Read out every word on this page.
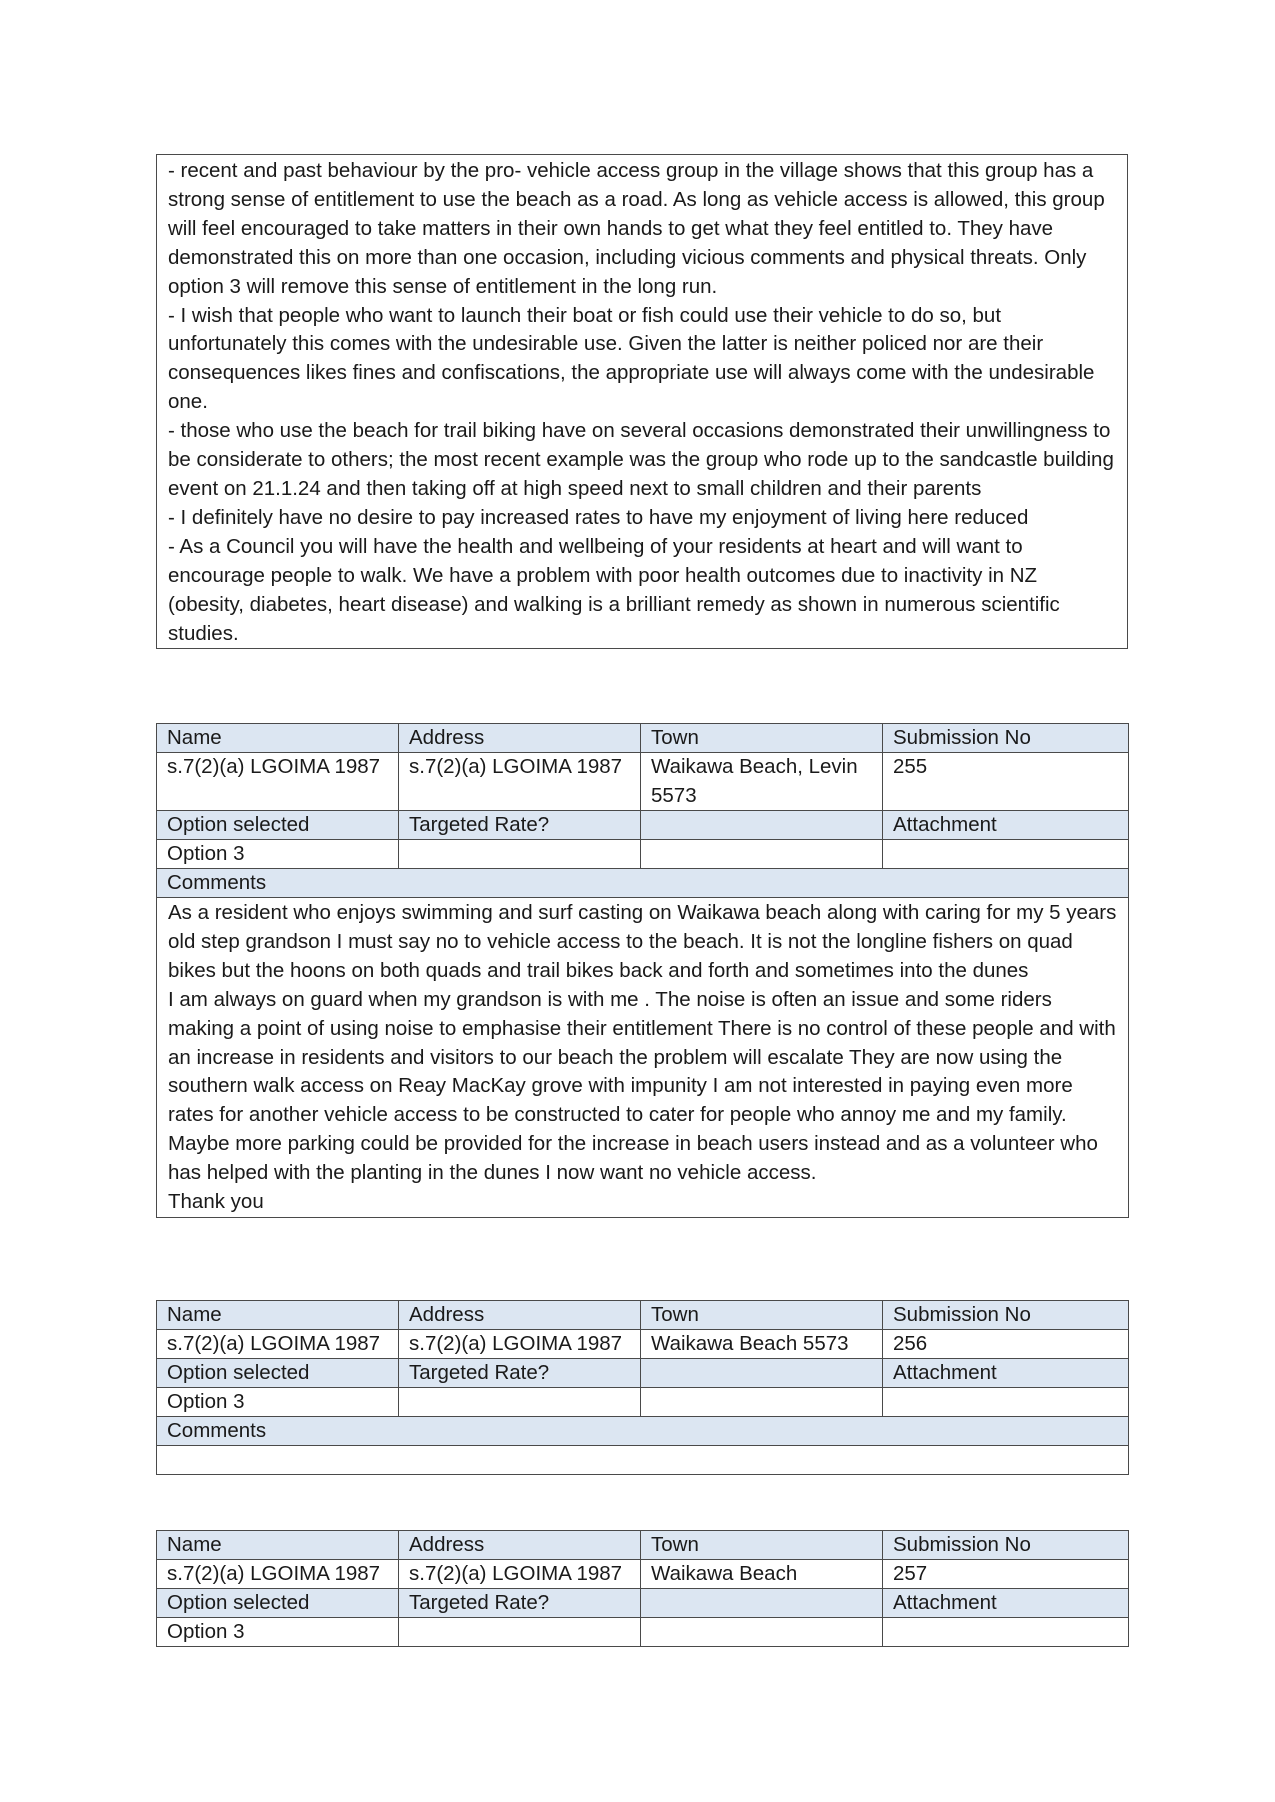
- recent and past behaviour by the pro- vehicle access group in the village shows that this group has a strong sense of entitlement to use the beach as a road. As long as vehicle access is allowed, this group will feel encouraged to take matters in their own hands to get what they feel entitled to. They have demonstrated this on more than one occasion, including vicious comments and physical threats. Only option 3 will remove this sense of entitlement in the long run.

- I wish that people who want to launch their boat or fish could use their vehicle to do so, but unfortunately this comes with the undesirable use. Given the latter is neither policed nor are their consequences likes fines and confiscations, the appropriate use will always come with the undesirable one.

- those who use the beach for trail biking have on several occasions demonstrated their unwillingness to be considerate to others; the most recent example was the group who rode up to the sandcastle building event on 21.1.24 and then taking off at high speed next to small children and their parents

- I definitely have no desire to pay increased rates to have my enjoyment of living here reduced

- As a Council you will have the health and wellbeing of your residents at heart and will want to encourage people to walk. We have a problem with poor health outcomes due to inactivity in NZ (obesity, diabetes, heart disease) and walking is a brilliant remedy as shown in numerous scientific studies.

Name	Address	Town	Submission No
s.7(2)(a) LGOIMA 1987	s.7(2)(a) LGOIMA 1987	Waikawa Beach, Levin 5573	255
Option selected	Targeted Rate?		Attachment
Option 3			
Comments			

As a resident who enjoys swimming and surf casting on Waikawa beach along with caring for my 5 years old step grandson I must say no to vehicle access to the beach. It is not the longline fishers on quad bikes but the hoons on both quads and trail bikes back and forth and sometimes into the dunes
I am always on guard when my grandson is with me . The noise is often an issue and some riders making a point of using noise to emphasise their entitlement There is no control of these people and with an increase in residents and visitors to our beach the problem will escalate They are now using the southern walk access on Reay MacKay grove with impunity I am not interested in paying even more rates for another vehicle access to be constructed to cater for people who annoy me and my family. Maybe more parking could be provided for the increase in beach users instead and as a volunteer who has helped with the planting in the dunes I now want no vehicle access.
Thank you			
Name	Address	Town	Submission No
s.7(2)(a) LGOIMA 1987	s.7(2)(a) LGOIMA 1987	Waikawa Beach 5573	256
Option selected	Targeted Rate?		Attachment
Option 3			
Comments			

Name	Address	Town	Submission No
s.7(2)(a) LGOIMA 1987	s.7(2)(a) LGOIMA 1987	Waikawa Beach	257
Option selected	Targeted Rate?		Attachment
Option 3			
